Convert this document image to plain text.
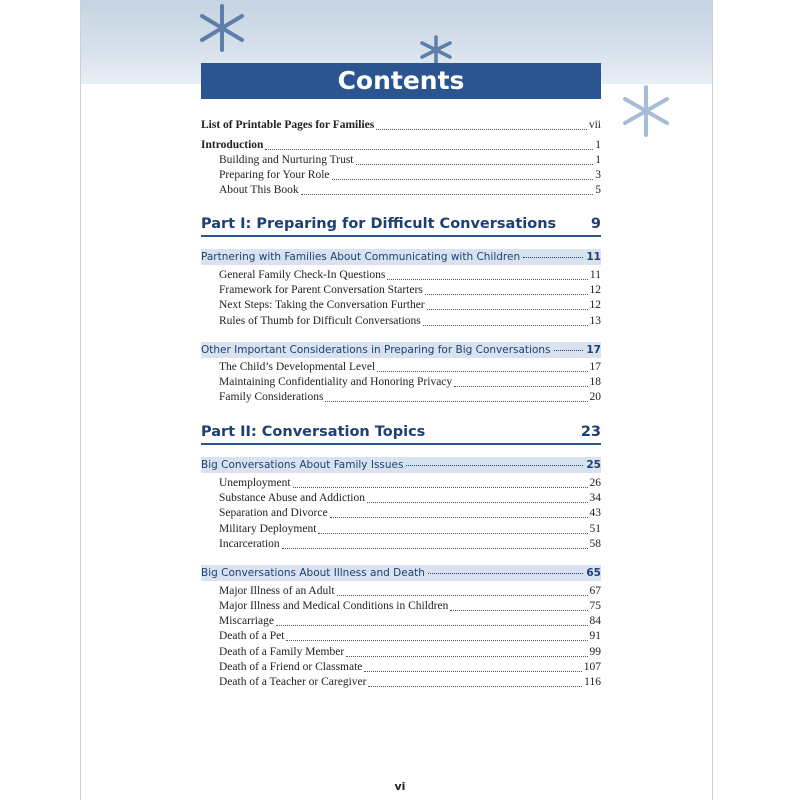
Contents
List of Printable Pages for Families	vii
Introduction	1
Building and Nurturing Trust	1
Preparing for Your Role	3
About This Book	5
Part I: Preparing for Difficult Conversations 9
Partnering with Families About Communicating with Children	11
General Family Check-In Questions	11
Framework for Parent Conversation Starters	12
Next Steps: Taking the Conversation Further	12
Rules of Thumb for Difficult Conversations	13
Other Important Considerations in Preparing for Big Conversations	17
The Child’s Developmental Level	17
Maintaining Confidentiality and Honoring Privacy	18
Family Considerations	20
Part II: Conversation Topics	23
Big Conversations About Family Issues	25
Unemployment	26
Substance Abuse and Addiction	34
Separation and Divorce	43
Military Deployment	51
Incarceration	58
Big Conversations About Illness and Death	65
Major Illness of an Adult	67
Major Illness and Medical Conditions in Children	75
Miscarriage	84
Death of a Pet	91
Death of a Family Member	99
Death of a Friend or Classmate	107
Death of a Teacher or Caregiver	116
vi
